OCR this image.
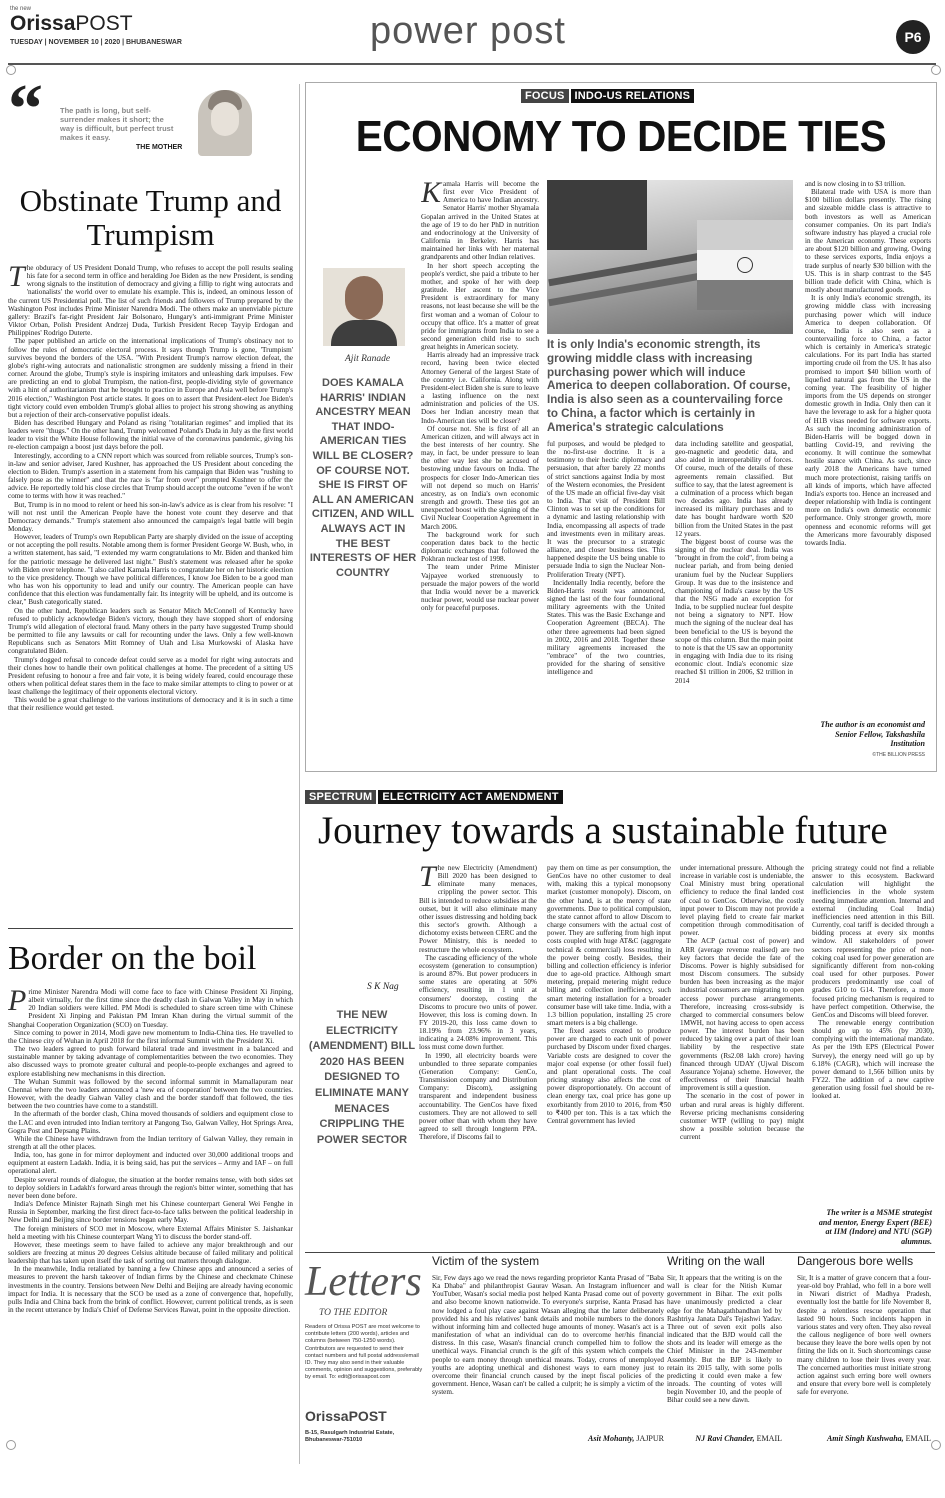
the new
OrissaPOST
TUESDAY | NOVEMBER 10 | 2020 | BHUBANESWAR	power post	P6
“ The path is long, but self-surrender makes it short; the way is difficult, but perfect trust makes it easy.
THE MOTHER
Obstinate Trump and Trumpism

The obduracy of US President Donald Trump, who refuses to accept the poll results sealing his fate for a second term in office and heralding Joe Biden as the new President, is sending wrong signals to the institution of democracy and giving a fillip to right wing autocrats and 'nationalists' the world over to emulate his example. This is, indeed, an ominous lesson of the current US Presidential poll. The list of such friends and followers of Trump prepared by the Washington Post includes Prime Minister Narendra Modi. The others make an unenviable picture gallery: Brazil's far-right President Jair Bolsonaro, Hungary's anti-immigrant Prime Minister Viktor Orban, Polish President Andrzej Duda, Turkish President Recep Tayyip Erdogan and Philippines' Rodrigo Duterte.

The paper published an article on the international implications of Trump's obstinacy not to follow the rules of democratic electoral process. It says though Trump is gone, 'Trumpism' survives beyond the borders of the USA. "With President Trump's narrow election defeat, the globe's right-wing autocrats and nationalistic strongmen are suddenly missing a friend in their corner. Around the globe, Trump's style is inspiring imitators and unleashing dark impulses. Few are predicting an end to global Trumpism, the nation-first, people-dividing style of governance with a hint of authoritarianism that he brought to practice in Europe and Asia well before Trump's 2016 election," Washington Post article states. It goes on to assert that President-elect Joe Biden's tight victory could even embolden Trump's global allies to project his strong showing as anything but a rejection of their arch-conservative populist ideals.

Biden has described Hungary and Poland as rising "totalitarian regimes" and implied that its leaders were "thugs." On the other hand, Trump welcomed Poland's Duda in July as the first world leader to visit the White House following the initial wave of the coronavirus pandemic, giving his re-election campaign a boost just days before the poll.

Interestingly, according to a CNN report which was sourced from reliable sources, Trump's son-in-law and senior adviser, Jared Kushner, has approached the US President about conceding the election to Biden. Trump's assertion in a statement from his campaign that Biden was "rushing to falsely pose as the winner" and that the race is "far from over" prompted Kushner to offer the advice. He reportedly told his close circles that Trump should accept the outcome "even if he won't come to terms with how it was reached."

But, Trump is in no mood to relent or heed his son-in-law's advice as is clear from his resolve: "I will not rest until the American People have the honest vote count they deserve and that Democracy demands." Trump's statement also announced the campaign's legal battle will begin Monday.

However, leaders of Trump's own Republican Party are sharply divided on the issue of accepting or not accepting the poll results. Notable among them is former President George W. Bush, who, in a written statement, has said, "I extended my warm congratulations to Mr. Biden and thanked him for the patriotic message he delivered last night." Bush's statement was released after he spoke with Biden over telephone. "I also called Kamala Harris to congratulate her on her historic election to the vice presidency. Though we have political differences, I know Joe Biden to be a good man who has won his opportunity to lead and unify our country. The American people can have confidence that this election was fundamentally fair. Its integrity will be upheld, and its outcome is clear," Bush categorically stated.

On the other hand, Republican leaders such as Senator Mitch McConnell of Kentucky have refused to publicly acknowledge Biden's victory, though they have stopped short of endorsing Trump's wild allegation of electoral fraud. Many others in the party have suggested Trump should be permitted to file any lawsuits or call for recounting under the laws. Only a few well-known Republicans such as Senators Mitt Romney of Utah and Lisa Murkowski of Alaska have congratulated Biden.

Trump's dogged refusal to concede defeat could serve as a model for right wing autocrats and their clones how to handle their own political challenges at home. The precedent of a sitting US President refusing to honour a free and fair vote, it is being widely feared, could encourage these others when political defeat stares them in the face to make similar attempts to cling to power or at least challenge the legitimacy of their opponents electoral victory.

This would be a great challenge to the various institutions of democracy and it is in such a time that their resilience would get tested.

Border on the boil

Prime Minister Narendra Modi will come face to face with Chinese President Xi Jinping, albeit virtually, for the first time since the deadly clash in Galwan Valley in May in which 20 Indian soldiers were killed. PM Modi is scheduled to share screen time with Chinese President Xi Jinping and Pakistan PM Imran Khan during the virtual summit of the Shanghai Cooperation Organization (SCO) on Tuesday.

Since coming to power in 2014, Modi gave new momentum to India-China ties. He travelled to the Chinese city of Wuhan in April 2018 for the first informal Summit with the President Xi.

The two leaders agreed to push forward bilateral trade and investment in a balanced and sustainable manner by taking advantage of complementarities between the two economies. They also discussed ways to promote greater cultural and people-to-people exchanges and agreed to explore establishing new mechanisms in this direction.

The Wuhan Summit was followed by the second informal summit in Mamallapuram near Chennai where the two leaders announced a 'new era of cooperation' between the two countries. However, with the deadly Galwan Valley clash and the border standoff that followed, the ties between the two countries have come to a standstill.

In the aftermath of the border clash, China moved thousands of soldiers and equipment close to the LAC and even intruded into Indian territory at Pangong Tso, Galwan Valley, Hot Springs Area, Gogra Post and Depsang Plains.

While the Chinese have withdrawn from the Indian territory of Galwan Valley, they remain in strength at all the other places.

India, too, has gone in for mirror deployment and inducted over 30,000 additional troops and equipment at eastern Ladakh. India, it is being said, has put the services – Army and IAF – on full operational alert.

Despite several rounds of dialogue, the situation at the border remains tense, with both sides set to deploy soldiers in Ladakh's forward areas through the region's bitter winter, something that has never been done before.

India's Defence Minister Rajnath Singh met his Chinese counterpart General Wei Fenghe in Russia in September, marking the first direct face-to-face talks between the political leadership in New Delhi and Beijing since border tensions began early May.

The foreign ministers of SCO met in Moscow, where External Affairs Minister S. Jaishankar held a meeting with his Chinese counterpart Wang Yi to discuss the border stand-off.

However, these meetings seem to have failed to achieve any major breakthrough and our soldiers are freezing at minus 20 degrees Celsius altitude because of failed military and political leadership that has taken upon itself the task of sorting out matters through dialogue.

In the meanwhile, India retaliated by banning a few Chinese apps and announced a series of measures to prevent the harsh takeover of Indian firms by the Chinese and checkmate Chinese investments in the country. Tensions between New Delhi and Beijing are already having economic impact for India. It is necessary that the SCO be used as a zone of convergence that, hopefully, pulls India and China back from the brink of conflict. However, current political trends, as is seen in the recent utterance by India's Chief of Defense Services Rawat, point in the opposite direction.

FOCUS INDO-US RELATIONS
ECONOMY TO DECIDE TIES
Ajit Ranade
DOES KAMALA HARRIS' INDIAN ANCESTRY MEAN THAT INDO-AMERICAN TIES WILL BE CLOSER? OF COURSE NOT. SHE IS FIRST OF ALL AN AMERICAN CITIZEN, AND WILL ALWAYS ACT IN THE BEST INTERESTS OF HER COUNTRY

Kamala Harris will become the first ever Vice President of America to have Indian ancestry. Senator Harris' mother Shyamala Gopalan arrived in the United States at the age of 19 to do her PhD in nutrition and endocrinology at the University of California in Berkeley. Harris has maintained her links with her maternal grandparents and other Indian relatives.

In her short speech accepting the people's verdict, she paid a tribute to her mother, and spoke of her with deep gratitude. Her ascent to the Vice President is extraordinary for many reasons, not least because she will be the first woman and a woman of Colour to occupy that office. It's a matter of great pride for immigrants from India to see a second generation child rise to such great heights in American society.

Harris already had an impressive track record, having been twice elected Attorney General of the largest State of the country i.e. California. Along with President-elect Biden she is sure to leave a lasting influence on the next administration and policies of the US. Does her Indian ancestry mean that Indo-American ties will be closer?

Of course not. She is first of all an American citizen, and will always act in the best interests of her country. She may, in fact, be under pressure to lean the other way lest she be accused of bestowing undue favours on India. The prospects for closer Indo-American ties will not depend so much on Harris' ancestry, as on India's own economic strength and growth. These ties got an unexpected boost with the signing of the Civil Nuclear Cooperation Agreement in March 2006.

The background work for such cooperation dates back to the hectic diplomatic exchanges that followed the Pokhran nuclear test of 1998.

The team under Prime Minister Vajpayee worked strenuously to persuade the major powers of the world that India would never be a maverick nuclear power, would use nuclear power only for peaceful purposes.

It is only India's economic strength, its growing middle class with increasing purchasing power which will induce America to deepen collaboration. Of course, India is also seen as a countervailing force to China, a factor which is certainly in America's strategic calculations

ful purposes, and would be pledged to the no-first-use doctrine. It is a testimony to their hectic diplomacy and persuasion, that after barely 22 months of strict sanctions against India by most of the Western economies, the President of the US made an official five-day visit to India. That visit of President Bill Clinton was to set up the conditions for a dynamic and lasting relationship with India, encompassing all aspects of trade and investments even in military areas. It was the precursor to a strategic alliance, and closer business ties. This happened despite the US being unable to persuade India to sign the Nuclear Non-Proliferation Treaty (NPT).

Incidentally India recently, before the Biden-Harris result was announced, signed the last of the four foundational military agreements with the United States. This was the Basic Exchange and Cooperation Agreement (BECA). The other three agreements had been signed in 2002, 2016 and 2018. Together these military agreements increased the "embrace" of the two countries, provided for the sharing of sensitive intelligence and

data including satellite and geospatial, geo-magnetic and geodetic data, and also aided in interoperability of forces. Of course, much of the details of these agreements remain classified. But suffice to say, that the latest agreement is a culmination of a process which began two decades ago. India has already increased its military purchases and to date has bought hardware worth $20 billion from the United States in the past 12 years.

The biggest boost of course was the signing of the nuclear deal. India was "brought in from the cold", from being a nuclear pariah, and from being denied uranium fuel by the Nuclear Suppliers Group. It was due to the insistence and championing of India's cause by the US that the NSG made an exception for India, to be supplied nuclear fuel despite not being a signatory to NPT. How much the signing of the nuclear deal has been beneficial to the US is beyond the scope of this column. But the main point to note is that the US saw an opportunity in engaging with India due to its rising economic clout. India's economic size reached $1 trillion in 2006, $2 trillion in 2014

and is now closing in to $3 trillion.

Bilateral trade with USA is more than $100 billion dollars presently. The rising and sizeable middle class is attractive to both investors as well as American consumer companies. On its part India's software industry has played a crucial role in the American economy. These exports are about $120 billion and growing. Owing to these services exports, India enjoys a trade surplus of nearly $30 billion with the US. This is in sharp contrast to the $45 billion trade deficit with China, which is mostly about manufactured goods.

It is only India's economic strength, its growing middle class with increasing purchasing power which will induce America to deepen collaboration. Of course, India is also seen as a countervailing force to China, a factor which is certainly in America's strategic calculations. For its part India has started importing crude oil from the US. It has also promised to import $40 billion worth of liquefied natural gas from the US in the coming year. The feasibility of higher imports from the US depends on stronger domestic growth in India. Only then can it have the leverage to ask for a higher quota of H1B visas needed for software exports. As such the incoming administration of Biden-Harris will be bogged down in battling Covid-19, and reviving the economy. It will continue the somewhat hostile stance with China. As such, since early 2018 the Americans have turned much more protectionist, raising tariffs on all kinds of imports, which have affected India's exports too. Hence an increased and deeper relationship with India is contingent more on India's own domestic economic performance. Only stronger growth, more openness and economic reforms will get the Americans more favourably disposed towards India.

The author is an economist and Senior Fellow, Takshashila Institution
©THE BILLION PRESS
SPECTRUM ELECTRICITY ACT AMENDMENT
Journey towards a sustainable future
S K Nag
THE NEW ELECTRICITY (AMENDMENT) BILL 2020 HAS BEEN DESIGNED TO ELIMINATE MANY MENACES CRIPPLING THE POWER SECTOR

The new Electricity (Amendment) Bill 2020 has been designed to eliminate many menaces, crippling the power sector. This Bill is intended to reduce subsidies at the outset, but it will also eliminate many other issues distressing and holding back this sector's growth. Although a dichotomy exists between CERC and the Power Ministry, this is needed to restructure the whole ecosystem.

The cascading efficiency of the whole ecosystem (generation to consumption) is around 87%. But power producers in some states are operating at 50% efficiency, resulting in 1 unit at consumers' doorstep, costing the Discoms to procure two units of power. However, this loss is coming down. In FY 2019-20, this loss came down to 18.19% from 23.96% in 3 years, indicating a 24.08% improvement. This loss must come down further.

In 1990, all electricity boards were unbundled to three separate companies (Generation Company: GenCo, Transmission company and Distribution Company: Discom), assigning transparent and independent business accountability. The GenCos have fixed customers. They are not allowed to sell power other than with whom they have agreed to sell through longterm PPA. Therefore, if Discoms fail to

pay them on time as per consumption, the GenCos have no other customer to deal with, making this a typical monopsony market (customer monopoly). Discom, on the other hand, is at the mercy of state governments. Due to political compulsion, the state cannot afford to allow Discom to charge consumers with the actual cost of power. They are suffering from high input costs coupled with huge AT&C (aggregate technical & commercial) loss resulting in the power being costly. Besides, their billing and collection efficiency is inferior due to age-old practice. Although smart metering, prepaid metering might reduce billing and collection inefficiency, such smart metering installation for a broader consumer base will take time. India, with a 1.3 billion population, installing 25 crore smart meters is a big challenge.

The fixed assets created to produce power are charged to each unit of power purchased by Discom under fixed charges. Variable costs are designed to cover the major coal expense (or other fossil fuel) and plant operational costs. The coal pricing strategy also affects the cost of power disproportionately. On account of clean energy tax, coal price has gone up exorbitantly from 2010 to 2016, from ₹50 to ₹400 per ton. This is a tax which the Central government has levied

under international pressure. Although the increase in variable cost is undeniable, the Coal Ministry must bring operational efficiency to reduce the final landed cost of coal to GenCos. Otherwise, the costly input power to Discom may not provide a level playing field to create fair market competition through commoditisation of power.

The ACP (actual cost of power) and ARR (average revenue realised) are two key factors that decide the fate of the Discoms. Power is highly subsidised for most Discom consumers. The subsidy burden has been increasing as the major industrial consumers are migrating to open access power purchase arrangements. Therefore, increasing cross-subsidy is charged to commercial consumers below 1MWH, not having access to open access power. The interest burden has been reduced by taking over a part of their loan liability by the respective state governments (Rs2.08 lakh crore) having financed through UDAY (Ujwal Discom Assurance Yojana) scheme. However, the effectiveness of their financial health improvement is still a question.

The scenario in the cost of power in urban and rural areas is highly different. Reverse pricing mechanisms considering customer WTP (willing to pay) might show a possible solution because the current

pricing strategy could not find a reliable answer to this ecosystem. Backward calculation will highlight the inefficiencies in the whole system needing immediate attention. Internal and external (including Coal India) inefficiencies need attention in this Bill. Currently, coal tariff is decided through a bidding process at every six months window. All stakeholders of power sectors representing the price of non-coking coal used for power generation are significantly different from non-coking coal used for other purposes. Power producers predominantly use coal of grades G10 to G14. Therefore, a more focused pricing mechanism is required to have perfect competition. Otherwise, the GenCos and Discoms will bleed forever.

The renewable energy contribution should go up to 45% (by 2030), complying with the international mandate. As per the 19th EPS (Electrical Power Survey), the energy need will go up by 6.18% (CAGR), which will increase the power demand to 1,566 billion units by FY22. The addition of a new captive generation using fossil fuel should be re-looked at.

The writer is a MSME strategist and mentor, Energy Expert (BEE) at IIM (Indore) and NTU (SGP) alumnus.
Letters
TO THE EDITOR
Readers of Orissa POST are most welcome to contribute letters (200 words), articles and columns (between 750-1250 words). Contributors are requested to send their contact numbers and full postal address/email ID. They may also send in their valuable comments, opinion and suggestions, preferably by email. To: edit@orissapost.com
OrissaPOST
B-15, Rasulgarh Industrial Estate, Bhubaneswar-751010
Victim of the system

Sir, Few days ago we read the news regarding proprietor Kanta Prasad of "Baba Ka Dhaba" and philanthropist Gaurav Wasan. An Instagram influencer and YouTuber, Wasan's social media post helped Kanta Prasad come out of poverty and also become known nationwide. To everyone's surprise, Kanta Prasad has now lodged a foul play case against Wasan alleging that the latter deliberately provided his and his relatives' bank details and mobile numbers to the donors without informing him and collected huge amounts of money. Wasan's act is a manifestation of what an individual can do to overcome her/his financial distress. In this case, Wasan's financial crunch compelled him to follow the unethical ways. Financial crunch is the gift of this system which compels the people to earn money through unethical means. Today, crores of unemployed youths are adopting unethical and dishonest ways to earn money just to overcome their financial crunch caused by the inept fiscal policies of the government. Hence, Wasan can't be called a culprit; he is simply a victim of the system.

Asit Mohanty, JAJPUR
Writing on the wall

Sir, It appears that the writing is on the wall is clear for the Nitish Kumar government in Bihar. The exit polls have unanimously predicted a clear edge for the Mahagathbandhan led by Rashtriya Janata Dal's Tejashwi Yadav. Three out of seven exit polls also indicated that the BJD would call the shots and its leader will emerge as the Chief Minister in the 243-member Assembly. But the BJP is likely to retain its 2015 tally, with some polls predicting it could even make a few inroads. The counting of votes will begin November 10, and the people of Bihar could see a new dawn.

NJ Ravi Chander, EMAIL
Dangerous bore wells

Sir, It is a matter of grave concern that a four-year-old boy Prahlad, who fell in a bore well in Niwari district of Madhya Pradesh, eventually lost the battle for life November 8, despite a relentless rescue operation that lasted 90 hours. Such incidents happen in various states and very often. They also reveal the callous negligence of bore well owners because they leave the bore wells open by not fitting the lids on it. Such shortcomings cause many children to lose their lives every year. The concerned authorities must initiate strong action against such erring bore well owners and ensure that every bore well is completely safe for everyone.

Amit Singh Kushwaha, EMAIL
